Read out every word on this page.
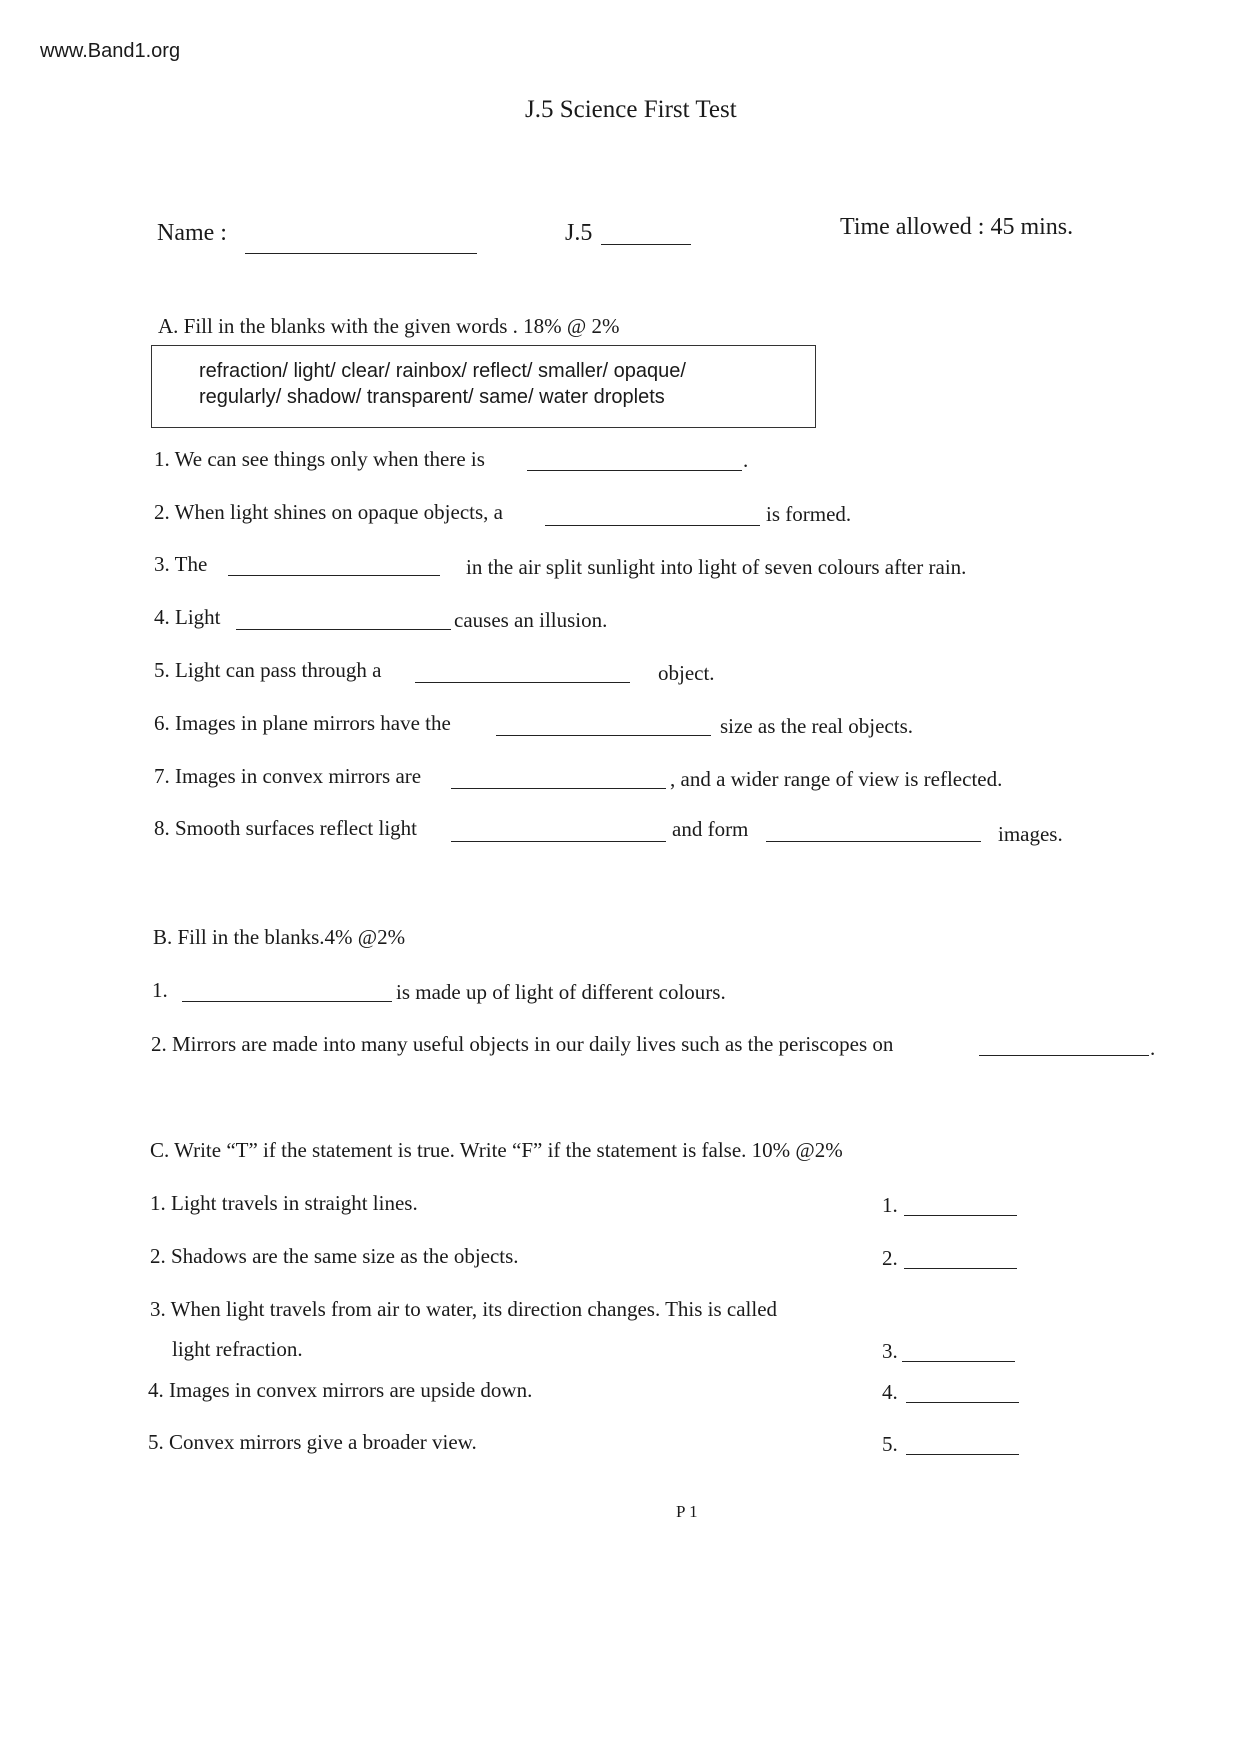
www.Band1.org
J.5 Science First Test
Name :	J.5	Time allowed : 45 mins.
A. Fill in the blanks with the given words . 18% @ 2%
refraction/ light/ clear/ rainbox/ reflect/ smaller/ opaque/
regularly/ shadow/ transparent/ same/ water droplets
1. We can see things only when there is	.
2. When light shines on opaque objects, a	is formed.
3. The	in the air split sunlight into light of seven colours after rain.
4. Light	causes an illusion.
5. Light can pass through a	object.
6. Images in plane mirrors have the	size as the real objects.
7. Images in convex mirrors are	, and a wider range of view is reflected.
8. Smooth surfaces reflect light	and form	images.
B. Fill in the blanks.4% @2%
1.	is made up of light of different colours.
2. Mirrors are made into many useful objects in our daily lives such as the periscopes on	.
C. Write “T” if the statement is true. Write “F” if the statement is false. 10% @2%
1. Light travels in straight lines.	1.
2. Shadows are the same size as the objects.	2.
3. When light travels from air to water, its direction changes. This is called
light refraction.	3.
4. Images in convex mirrors are upside down.	4.
5. Convex mirrors give a broader view.	5.
P 1
